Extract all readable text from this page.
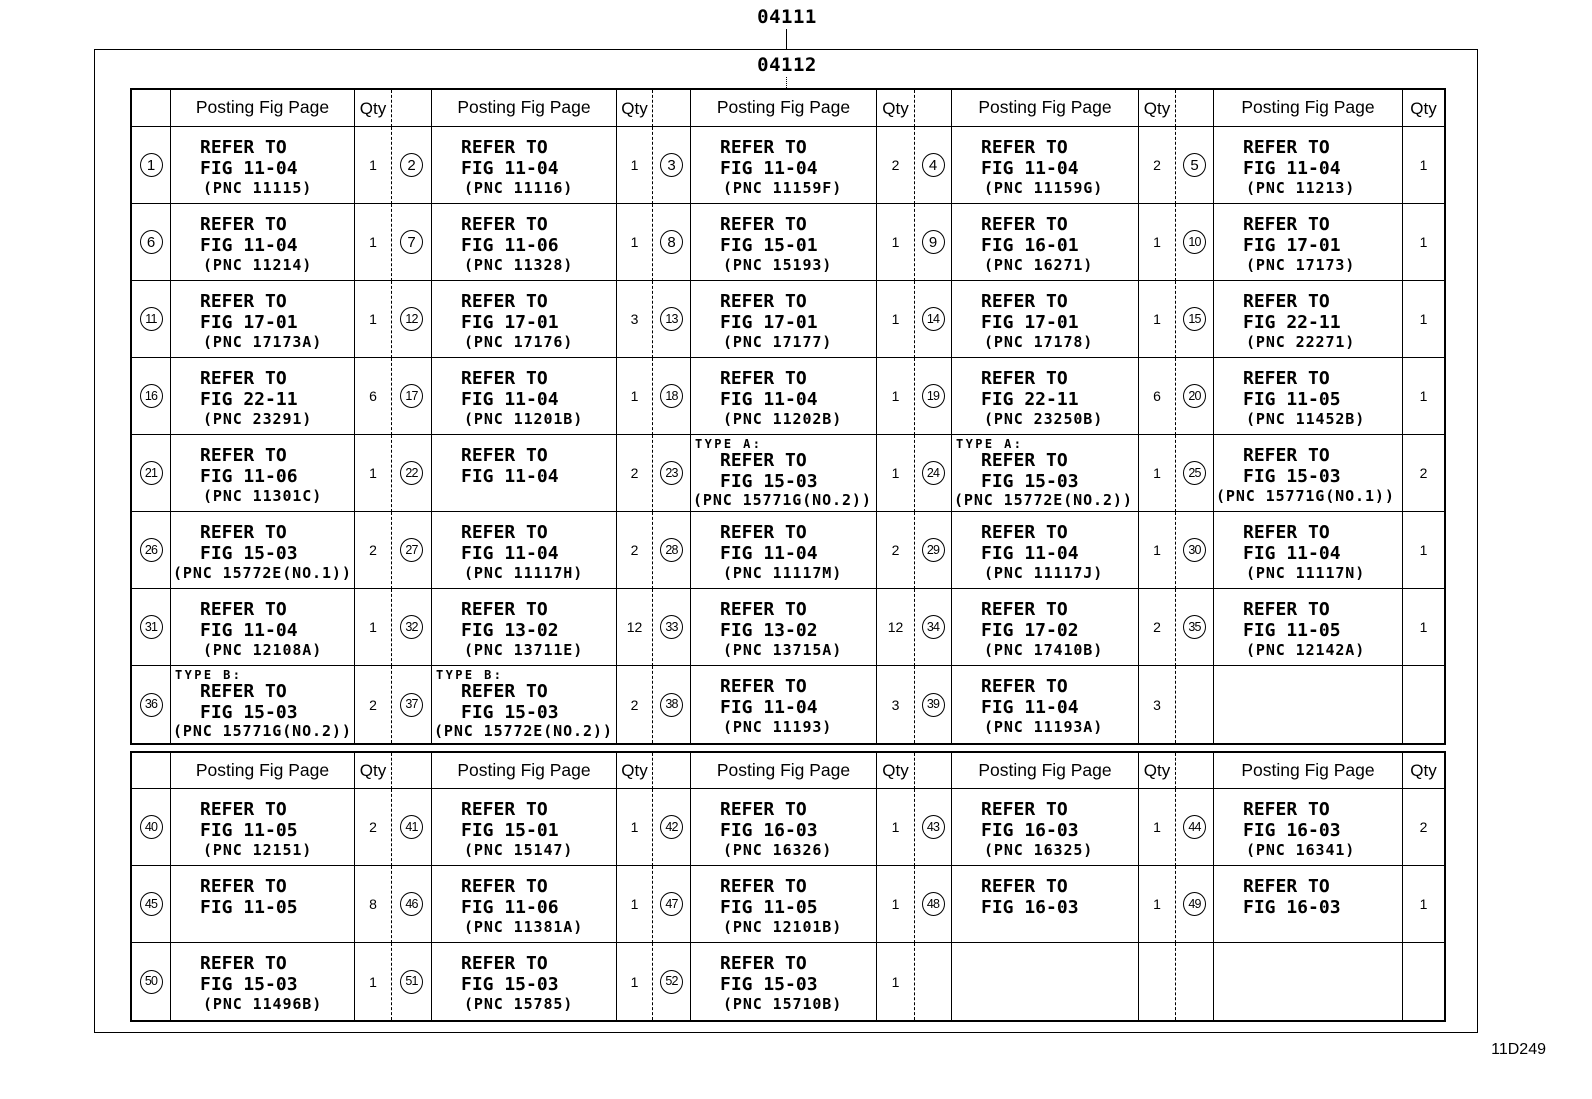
04111
04112
Posting Fig Page	Qty	Posting Fig Page	Qty	Posting Fig Page	Qty	Posting Fig Page	Qty	Posting Fig Page	Qty
1
REFER TO
FIG 11-04
(PNC 11115)
1	2
REFER TO
FIG 11-04
(PNC 11116)
1	3
REFER TO
FIG 11-04
(PNC 11159F)
2	4
REFER TO
FIG 11-04
(PNC 11159G)
2	5
REFER TO
FIG 11-04
(PNC 11213)
1
6
REFER TO
FIG 11-04
(PNC 11214)
1	7
REFER TO
FIG 11-06
(PNC 11328)
1	8
REFER TO
FIG 15-01
(PNC 15193)
1	9
REFER TO
FIG 16-01
(PNC 16271)
1	10
REFER TO
FIG 17-01
(PNC 17173)
1
11
REFER TO
FIG 17-01
(PNC 17173A)
1	12
REFER TO
FIG 17-01
(PNC 17176)
3	13
REFER TO
FIG 17-01
(PNC 17177)
1	14
REFER TO
FIG 17-01
(PNC 17178)
1	15
REFER TO
FIG 22-11
(PNC 22271)
1
16
REFER TO
FIG 22-11
(PNC 23291)
6	17
REFER TO
FIG 11-04
(PNC 11201B)
1	18
REFER TO
FIG 11-04
(PNC 11202B)
1	19
REFER TO
FIG 22-11
(PNC 23250B)
6	20
REFER TO
FIG 11-05
(PNC 11452B)
1
21
REFER TO
FIG 11-06
(PNC 11301C)
1	22
REFER TO
FIG 11-04	2	23
TYPE A:
REFER TO
FIG 15-03
(PNC 15771G(NO.2))
1	24
TYPE A:
REFER TO
FIG 15-03
(PNC 15772E(NO.2))
1	25
REFER TO
FIG 15-03
(PNC 15771G(NO.1))
2
26
REFER TO
FIG 15-03
(PNC 15772E(NO.1))
2	27
REFER TO
FIG 11-04
(PNC 11117H)
2	28
REFER TO
FIG 11-04
(PNC 11117M)
2	29
REFER TO
FIG 11-04
(PNC 11117J)
1	30
REFER TO
FIG 11-04
(PNC 11117N)
1
31
REFER TO
FIG 11-04
(PNC 12108A)
1	32
REFER TO
FIG 13-02
(PNC 13711E)
12	33
REFER TO
FIG 13-02
(PNC 13715A)
12	34
REFER TO
FIG 17-02
(PNC 17410B)
2	35
REFER TO
FIG 11-05
(PNC 12142A)
1
36
TYPE B:
REFER TO
FIG 15-03
(PNC 15771G(NO.2))
2	37
TYPE B:
REFER TO
FIG 15-03
(PNC 15772E(NO.2))
2	38
REFER TO
FIG 11-04
(PNC 11193)
3	39
REFER TO
FIG 11-04
(PNC 11193A)
3
Posting Fig Page	Qty	Posting Fig Page	Qty	Posting Fig Page	Qty	Posting Fig Page	Qty	Posting Fig Page	Qty
40
REFER TO
FIG 11-05
(PNC 12151)
2	41
REFER TO
FIG 15-01
(PNC 15147)
1	42
REFER TO
FIG 16-03
(PNC 16326)
1	43
REFER TO
FIG 16-03
(PNC 16325)
1	44
REFER TO
FIG 16-03
(PNC 16341)
2
45
REFER TO
FIG 11-05	8	46
REFER TO
FIG 11-06
(PNC 11381A)
1	47
REFER TO
FIG 11-05
(PNC 12101B)
1	48
REFER TO
FIG 16-03	1	49
REFER TO
FIG 16-03	1
50
REFER TO
FIG 15-03
(PNC 11496B)
1	51
REFER TO
FIG 15-03
(PNC 15785)
1	52
REFER TO
FIG 15-03
(PNC 15710B)
1
11D249
